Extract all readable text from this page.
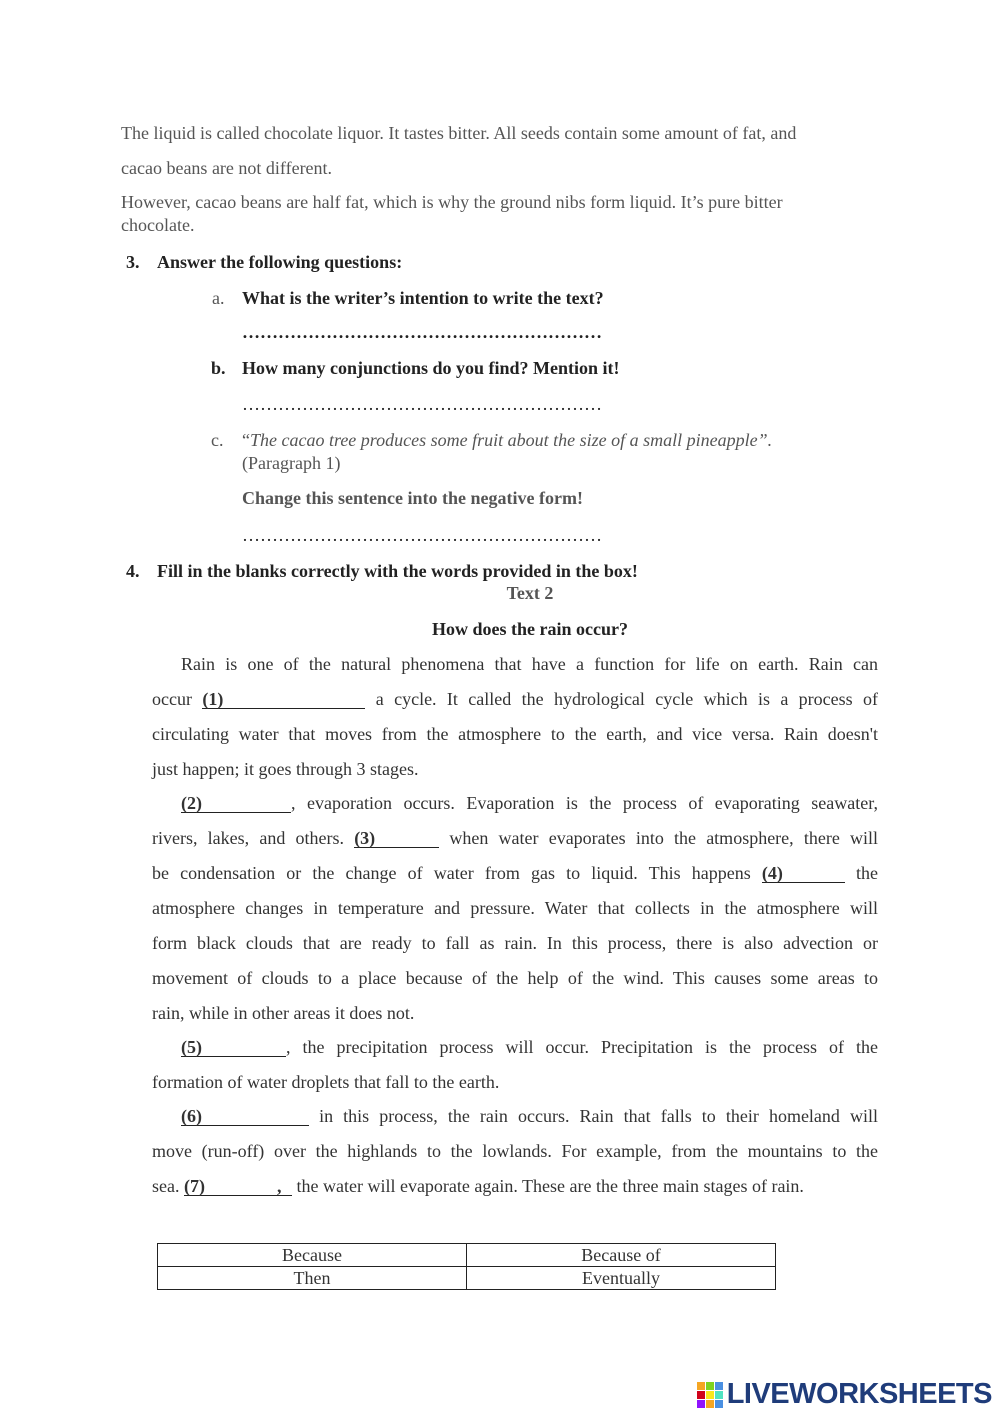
The liquid is called chocolate liquor. It tastes bitter. All seeds contain some amount of fat, and
cacao beans are not different.
However, cacao beans are half fat, which is why the ground nibs form liquid. It’s pure bitter
chocolate.
3. Answer the following questions:
a. What is the writer’s intention to write the text?
……………………………………………………
b. How many conjunctions do you find? Mention it!
……………………………………………………
c. “The cacao tree produces some fruit about the size of a small pineapple”.
(Paragraph 1)
Change this sentence into the negative form!
……………………………………………………
4. Fill in the blanks correctly with the words provided in the box!
Text 2
How does the rain occur?
Rain is one of the natural phenomena that have a function for life on earth. Rain can
occur (1)	a cycle. It called the hydrological cycle which is a process of
circulating water that moves from the atmosphere to the earth, and vice versa. Rain doesn't
just happen; it goes through 3 stages.
(2)	, evaporation occurs. Evaporation is the process of evaporating seawater,
rivers, lakes, and others. (3)	when water evaporates into the atmosphere, there will
be condensation or the change of water from gas to liquid. This happens (4)	the
atmosphere changes in temperature and pressure. Water that collects in the atmosphere will
form black clouds that are ready to fall as rain. In this process, there is also advection or
movement of clouds to a place because of the help of the wind. This causes some areas to
rain, while in other areas it does not.
(5)	, the precipitation process will occur. Precipitation is the process of the
formation of water droplets that fall to the earth.
(6)	in this process, the rain occurs. Rain that falls to their homeland will
move (run-off) over the highlands to the lowlands. For example, from the mountains to the
sea. (7)	, the water will evaporate again. These are the three main stages of rain.
Because	Because of
Then	Eventually
LIVEWORKSHEETS
